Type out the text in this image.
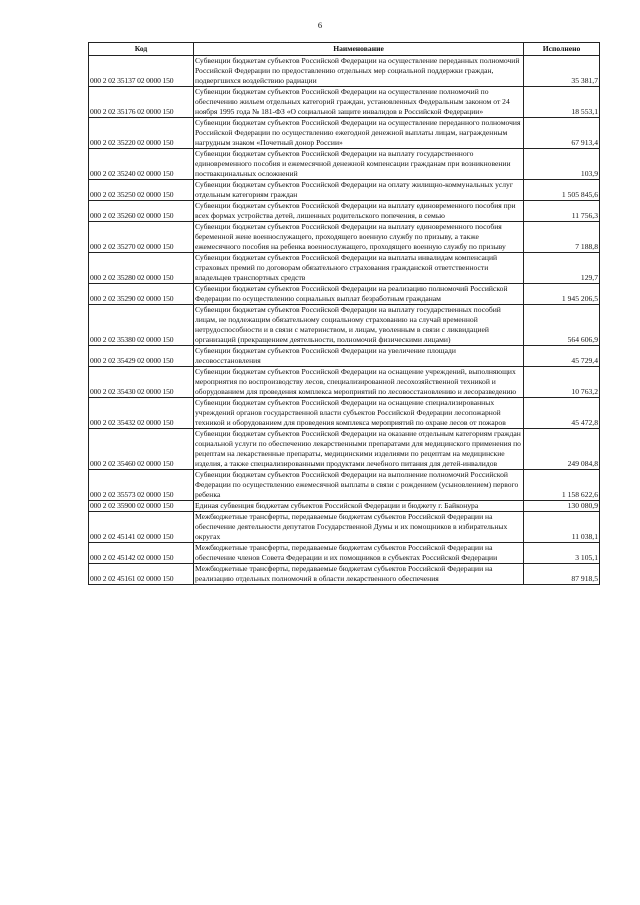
6
Код	Наименование	Исполнено
000 2 02 35137 02 0000 150	Субвенции бюджетам субъектов Российской Федерации на осуществление переданных полномочий Российской Федерации по предоставлению отдельных мер социальной поддержки граждан, подвергшихся воздействию радиации	35 381,7
000 2 02 35176 02 0000 150	Субвенции бюджетам субъектов Российской Федерации на осуществление полномочий по обеспечению жильем отдельных категорий граждан, установленных Федеральным законом от 24 ноября 1995 года № 181-ФЗ «О социальной защите инвалидов в Российской Федерации»	18 553,1
000 2 02 35220 02 0000 150	Субвенции бюджетам субъектов Российской Федерации на осуществление переданного полномочия Российской Федерации по осуществлению ежегодной денежной выплаты лицам, награжденным нагрудным знаком «Почетный донор России»	67 913,4
000 2 02 35240 02 0000 150	Субвенции бюджетам субъектов Российской Федерации на выплату государственного единовременного пособия и ежемесячной денежной компенсации гражданам при возникновении поствакцинальных осложнений	103,9
000 2 02 35250 02 0000 150	Субвенции бюджетам субъектов Российской Федерации на оплату жилищно-коммунальных услуг отдельным категориям граждан	1 505 845,6
000 2 02 35260 02 0000 150	Субвенции бюджетам субъектов Российской Федерации на выплату единовременного пособия при всех формах устройства детей, лишенных родительского попечения, в семью	11 756,3
000 2 02 35270 02 0000 150	Субвенции бюджетам субъектов Российской Федерации на выплату единовременного пособия беременной жене военнослужащего, проходящего военную службу по призыву, а также ежемесячного пособия на ребенка военнослужащего, проходящего военную службу по призыву	7 188,8
000 2 02 35280 02 0000 150	Субвенции бюджетам субъектов Российской Федерации на выплаты инвалидам компенсаций страховых премий по договорам обязательного страхования гражданской ответственности владельцев транспортных средств	129,7
000 2 02 35290 02 0000 150	Субвенции бюджетам субъектов Российской Федерации на реализацию полномочий Российской Федерации по осуществлению социальных выплат безработным гражданам	1 945 206,5
000 2 02 35380 02 0000 150	Субвенции бюджетам субъектов Российской Федерации на выплату государственных пособий лицам, не подлежащим обязательному социальному страхованию на случай временной нетрудоспособности и в связи с материнством, и лицам, уволенным в связи с ликвидацией организаций (прекращением деятельности, полномочий физическими лицами)	564 606,9
000 2 02 35429 02 0000 150	Субвенции бюджетам субъектов Российской Федерации на увеличение площади лесовосстановления	45 729,4
000 2 02 35430 02 0000 150	Субвенции бюджетам субъектов Российской Федерации на оснащение учреждений, выполняющих мероприятия по воспроизводству лесов, специализированной лесохозяйственной техникой и оборудованием для проведения комплекса мероприятий по лесовосстановлению и лесоразведению	10 763,2
000 2 02 35432 02 0000 150	Субвенции бюджетам субъектов Российской Федерации на оснащение специализированных учреждений органов государственной власти субъектов Российской Федерации лесопожарной техникой и оборудованием для проведения комплекса мероприятий по охране лесов от пожаров	45 472,8
000 2 02 35460 02 0000 150	Субвенции бюджетам субъектов Российской Федерации на оказание отдельным категориям граждан социальной услуги по обеспечению лекарственными препаратами для медицинского применения по рецептам на лекарственные препараты, медицинскими изделиями по рецептам на медицинские изделия, а также специализированными продуктами лечебного питания для детей-инвалидов	249 084,8
000 2 02 35573 02 0000 150	Субвенции бюджетам субъектов Российской Федерации на выполнение полномочий Российской Федерации по осуществлению ежемесячной выплаты в связи с рождением (усыновлением) первого ребенка	1 158 622,6
000 2 02 35900 02 0000 150	Единая субвенция бюджетам субъектов Российской Федерации и бюджету г. Байконура	130 080,9
000 2 02 45141 02 0000 150	Межбюджетные трансферты, передаваемые бюджетам субъектов Российской Федерации на обеспечение деятельности депутатов Государственной Думы и их помощников в избирательных округах	11 038,1
000 2 02 45142 02 0000 150	Межбюджетные трансферты, передаваемые бюджетам субъектов Российской Федерации на обеспечение членов Совета Федерации и их помощников в субъектах Российской Федерации	3 105,1
000 2 02 45161 02 0000 150	Межбюджетные трансферты, передаваемые бюджетам субъектов Российской Федерации на реализацию отдельных полномочий в области лекарственного обеспечения	87 918,5
